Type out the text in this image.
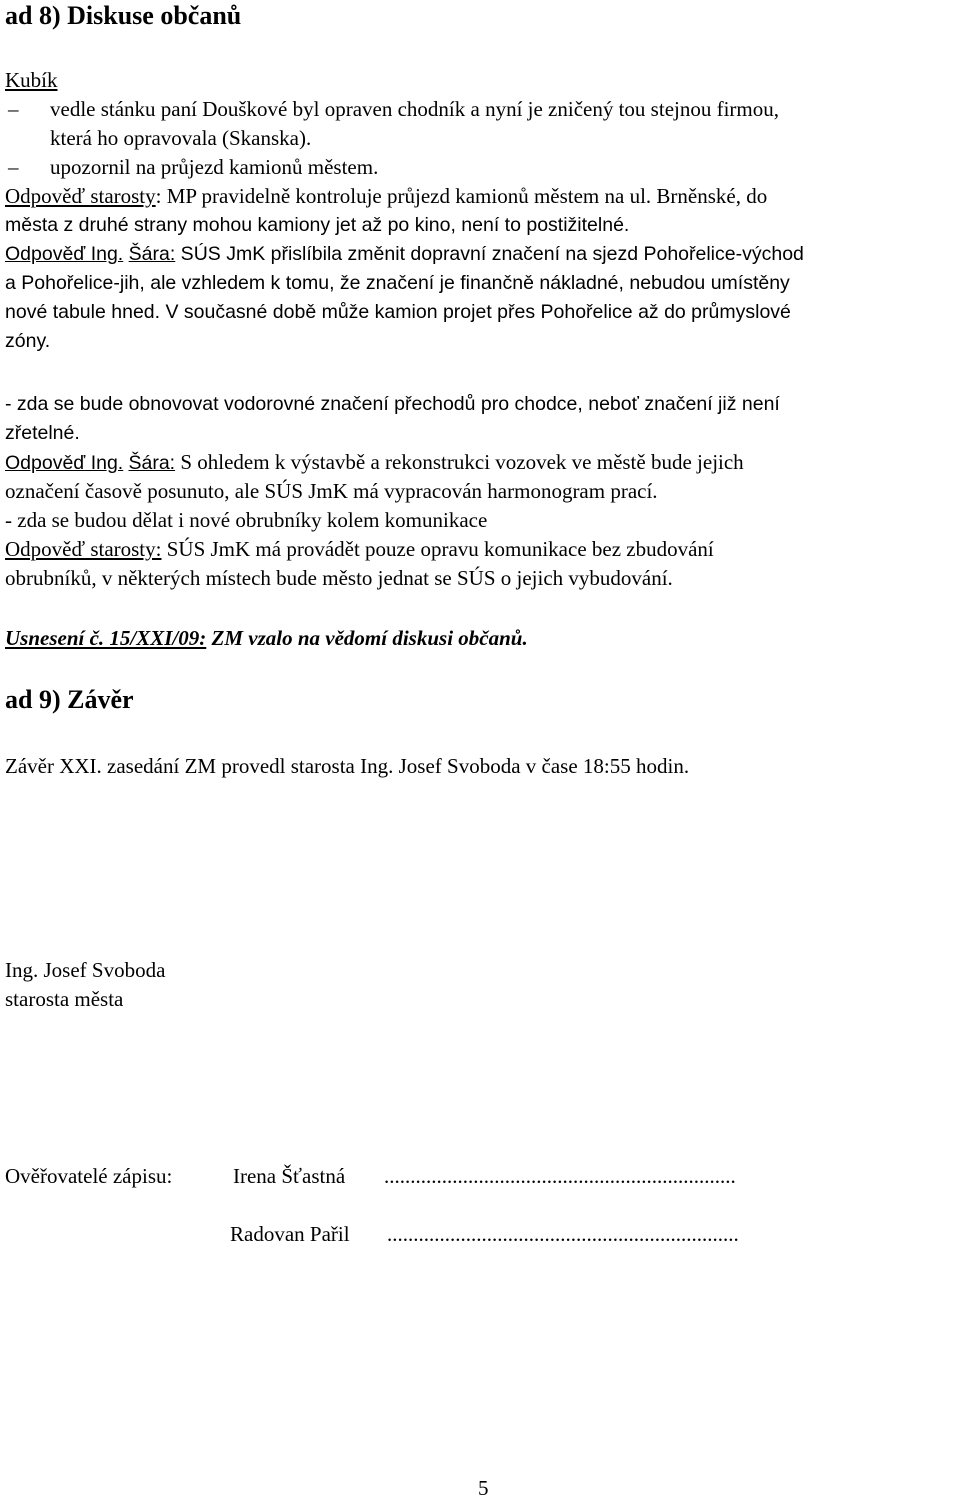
ad 8) Diskuse občanů
Kubík
– vedle stánku paní Douškové byl opraven chodník a nyní je zničený tou stejnou firmou,
která ho opravovala (Skanska).
– upozornil na průjezd kamionů městem.
Odpověď starosty: MP pravidelně kontroluje průjezd kamionů městem na ul. Brněnské, do
města z druhé strany mohou kamiony jet až po kino, není to postižitelné.
Odpověď Ing. Šára: SÚS JmK přislíbila změnit dopravní značení na sjezd Pohořelice-východ
a Pohořelice-jih, ale vzhledem k tomu, že značení je finančně nákladné, nebudou umístěny
nové tabule hned. V současné době může kamion projet přes Pohořelice až do průmyslové
zóny.
- zda se bude obnovovat vodorovné značení přechodů pro chodce, neboť značení již není
zřetelné.
Odpověď Ing. Šára: S ohledem k výstavbě a rekonstrukci vozovek ve městě bude jejich
označení časově posunuto, ale SÚS JmK má vypracován harmonogram prací.
- zda se budou dělat i nové obrubníky kolem komunikace
Odpověď starosty: SÚS JmK má provádět pouze opravu komunikace bez zbudování
obrubníků, v některých místech bude město jednat se SÚS o jejich vybudování.
Usnesení č. 15/XXI/09: ZM vzalo na vědomí diskusi občanů.
ad 9) Závěr
Závěr XXI. zasedání ZM provedl starosta Ing. Josef Svoboda v čase 18:55 hodin.
Ing. Josef Svoboda
starosta města
Ověřovatelé zápisu:	Irena Šťastná ...................................................................
Radovan Pařil ...................................................................
5
